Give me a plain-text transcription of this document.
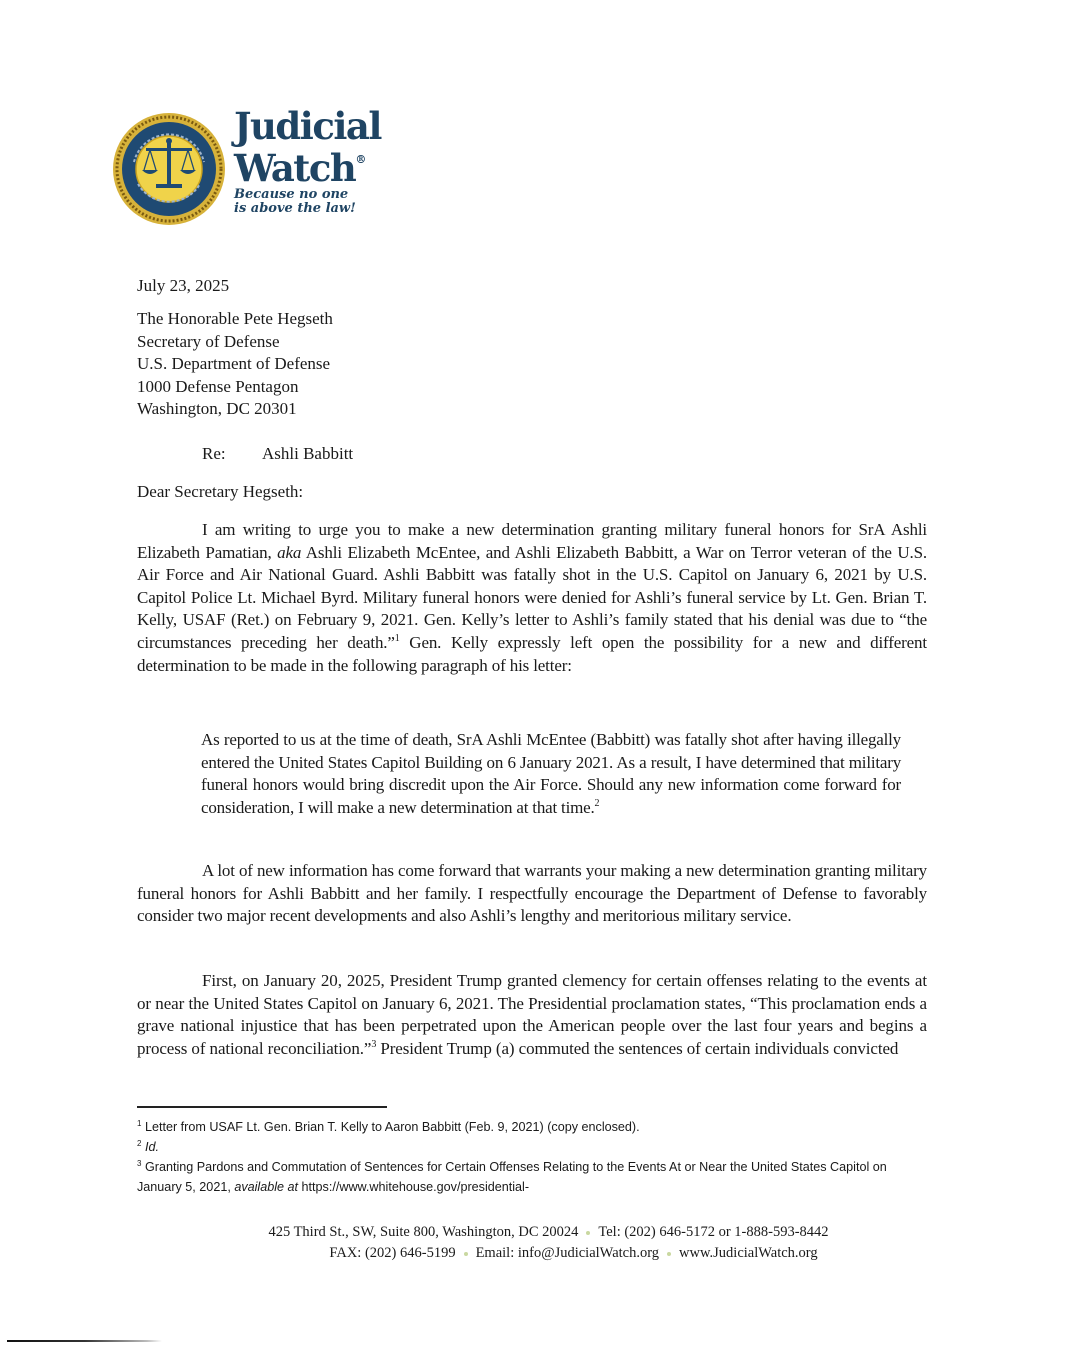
Judicial
Watch®
Because no one
is above the law!
July 23, 2025
The Honorable Pete Hegseth
Secretary of Defense
U.S. Department of Defense
1000 Defense Pentagon
Washington, DC 20301
Re: Ashli Babbitt
Dear Secretary Hegseth:
I am writing to urge you to make a new determination granting military funeral honors for SrA Ashli Elizabeth Pamatian, aka Ashli Elizabeth McEntee, and Ashli Elizabeth Babbitt, a War on Terror veteran of the U.S. Air Force and Air National Guard. Ashli Babbitt was fatally shot in the U.S. Capitol on January 6, 2021 by U.S. Capitol Police Lt. Michael Byrd. Military funeral honors were denied for Ashli’s funeral service by Lt. Gen. Brian T. Kelly, USAF (Ret.) on February 9, 2021. Gen. Kelly’s letter to Ashli’s family stated that his denial was due to “the circumstances preceding her death.”$^1$ Gen. Kelly expressly left open the possibility for a new and different determination to be made in the following paragraph of his letter:
As reported to us at the time of death, SrA Ashli McEntee (Babbitt) was fatally shot after having illegally entered the United States Capitol Building on 6 January 2021. As a result, I have determined that military funeral honors would bring discredit upon the Air Force. Should any new information come forward for consideration, I will make a new determination at that time.$^2$
A lot of new information has come forward that warrants your making a new determination granting military funeral honors for Ashli Babbitt and her family. I respectfully encourage the Department of Defense to favorably consider two major recent developments and also Ashli’s lengthy and meritorious military service.
First, on January 20, 2025, President Trump granted clemency for certain offenses relating to the events at or near the United States Capitol on January 6, 2021. The Presidential proclamation states, “This proclamation ends a grave national injustice that has been perpetrated upon the American people over the last four years and begins a process of national reconciliation.”$^3$ President Trump (a) commuted the sentences of certain individuals convicted
$^1$ Letter from USAF Lt. Gen. Brian T. Kelly to Aaron Babbitt (Feb. 9, 2021) (copy enclosed).
$^2$ Id.
$^3$ Granting Pardons and Commutation of Sentences for Certain Offenses Relating to the Events At or Near the United States Capitol on January 5, 2021, available at https://www.whitehouse.gov/presidential-
425 Third St., SW, Suite 800, Washington, DC 20024 Tel: (202) 646-5172 or 1-888-593-8442
FAX: (202) 646-5199 Email: info@JudicialWatch.org www.JudicialWatch.org
